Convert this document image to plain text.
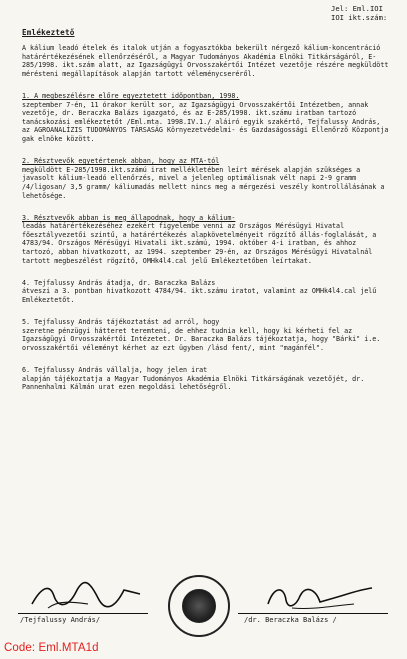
Jel: Eml.IOI
IOI ikt.szám:
Emlékeztető

A kálium leadó ételek és italok utján a fogyasztókba bekerült nérgező kálium-koncentráció határértékezésének ellenőrzéséről, a Magyar Tudományos Akadémia Elnöki Titkárságáról, E-285/1998. ikt.szám alatt, az Igazságügyi Orvosszakértői Intézet vezetője részére megküldött mérésteni megállapítások alapján tartott véleménycseréről.

1. A megbeszélésre előre egyeztetett időpontban, 1998.
szeptember 7-én, 11 órakor került sor, az Igazságügyi Orvosszakértői Intézetben, annak vezetője, dr. Beraczka Balázs igazgató, és az E-285/1998. ikt.számu iratban tartozó tanácskozási emlékeztetőt /Eml.mta. 1998.IV.1./ aláiró egyik szakértő, Tejfalussy András, az AGROANALÍZIS TUDOMÁNYOS TÁRSASÁG Környezetvédelmi- és Gazdaságossági Ellenőrző Központja gak elnöke között.

2. Résztvevők egyetértenek abban, hogy az MTA-tól
megküldött E-285/1998.ikt.számú irat mellékletében leírt mérések alapján szükséges a javasolt kálium-leadó ellenőrzés, mivel a jelenleg optimálisnak vélt napi 2-9 gramm /4/ligosan/ 3,5 gramm/ káliumadás mellett nincs meg a mérgezési veszély kontrollálásának a lehetősége.

3. Résztvevők abban is meg állapodnak, hogy a kálium-
leadás határértékezéséhez ezekért figyelembe venni az Országos Mérésügyi Hivatal főesztályvezetői szintű, a határértékezés alapkövetelményeit rögzítő állás-foglalását, a 4783/94. Országos Mérésügyi Hivatali ikt.számú, 1994. október 4-i iratban, és ahhoz tartozó, abban hivatkozott, az 1994. szeptember 29-én, az Országos Mérésügyi Hivatalnál tartott megbeszélést rögzítő, OMHk4l4.cal jelű Emlékeztetőben leírtakat.

4. Tejfalussy András átadja, dr. Baraczka Balázs
átveszi a 3. pontban hivatkozott 4784/94. ikt.számu iratot, valamint az OMHk4l4.cal jelű Emlékeztetőt.

5. Tejfalussy András tájékoztatást ad arról, hogy
szeretne pénzügyi hátteret teremteni, de ehhez tudnia kell, hogy ki kérheti fel az Igazságügyi Orvosszakértői Intézetet. Dr. Baraczka Balázs tájékoztatja, hogy "Bárki" i.e. orvosszakértői véleményt kérhet az ezt ügyben /lásd fent/, mint "magánfél".

6. Tejfalussy András vállalja, hogy jelen irat
alapján tájékoztatja a Magyar Tudományos Akadémia Elnöki Titkárságának vezetőjét, dr. Pannenhalmi Kálmán urat ezen megoldási lehetőségről.

/Tejfalussy András/	/dr. Beraczka Balázs /
Code: Eml.MTA1d
